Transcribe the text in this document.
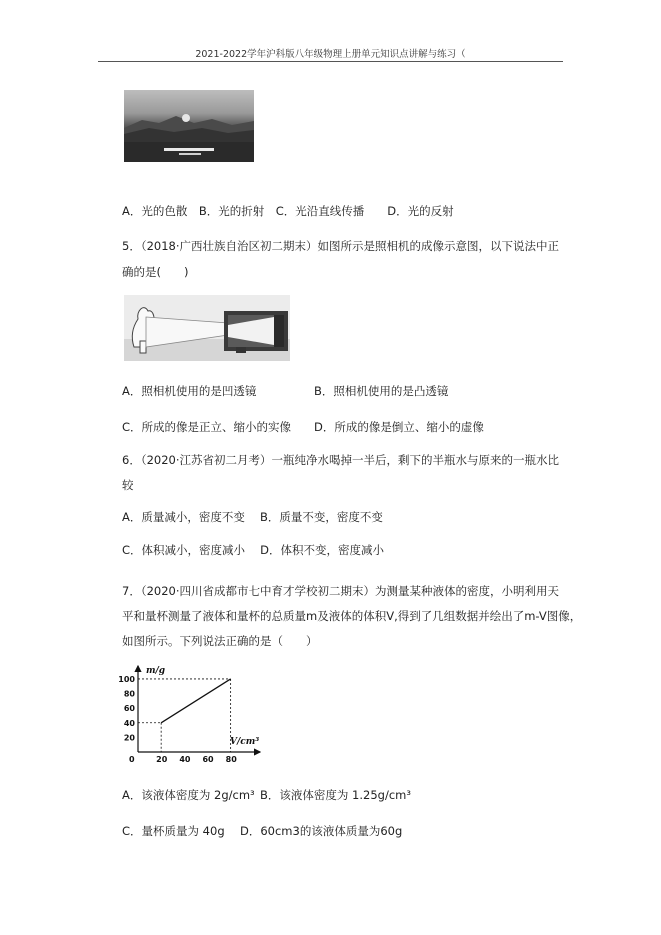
2021-2022学年沪科版八年级物理上册单元知识点讲解与练习（
A．光的色散　B．光的折射　C．光沿直线传播　　D．光的反射
5．（2018·广西壮族自治区初二期末）如图所示是照相机的成像示意图，以下说法中正
确的是(　　)
A．照相机使用的是凹透镜	B．照相机使用的是凸透镜
C．所成的像是正立、缩小的实像 D．所成的像是倒立、缩小的虚像
6．（2020·江苏省初二月考）一瓶纯净水喝掉一半后，剩下的半瓶水与原来的一瓶水比
较
A．质量减小，密度不变　 B．质量不变，密度不变
C．体积减小，密度减小　 D．体积不变，密度减小
7．（2020·四川省成都市七中育才学校初二期末）为测量某种液体的密度，小明利用天
平和量杯测量了液体和量杯的总质量m及液体的体积V,得到了几组数据并绘出了m-V图像，
如图所示。下列说法正确的是（　　）
0	20 40 60 80
20
40
60
80
100
m/g
V/cm³
A．该液体密度为 2g/cm³ B．该液体密度为 1.25g/cm³
C．量杯质量为 40g D．60cm3的该液体质量为60g
